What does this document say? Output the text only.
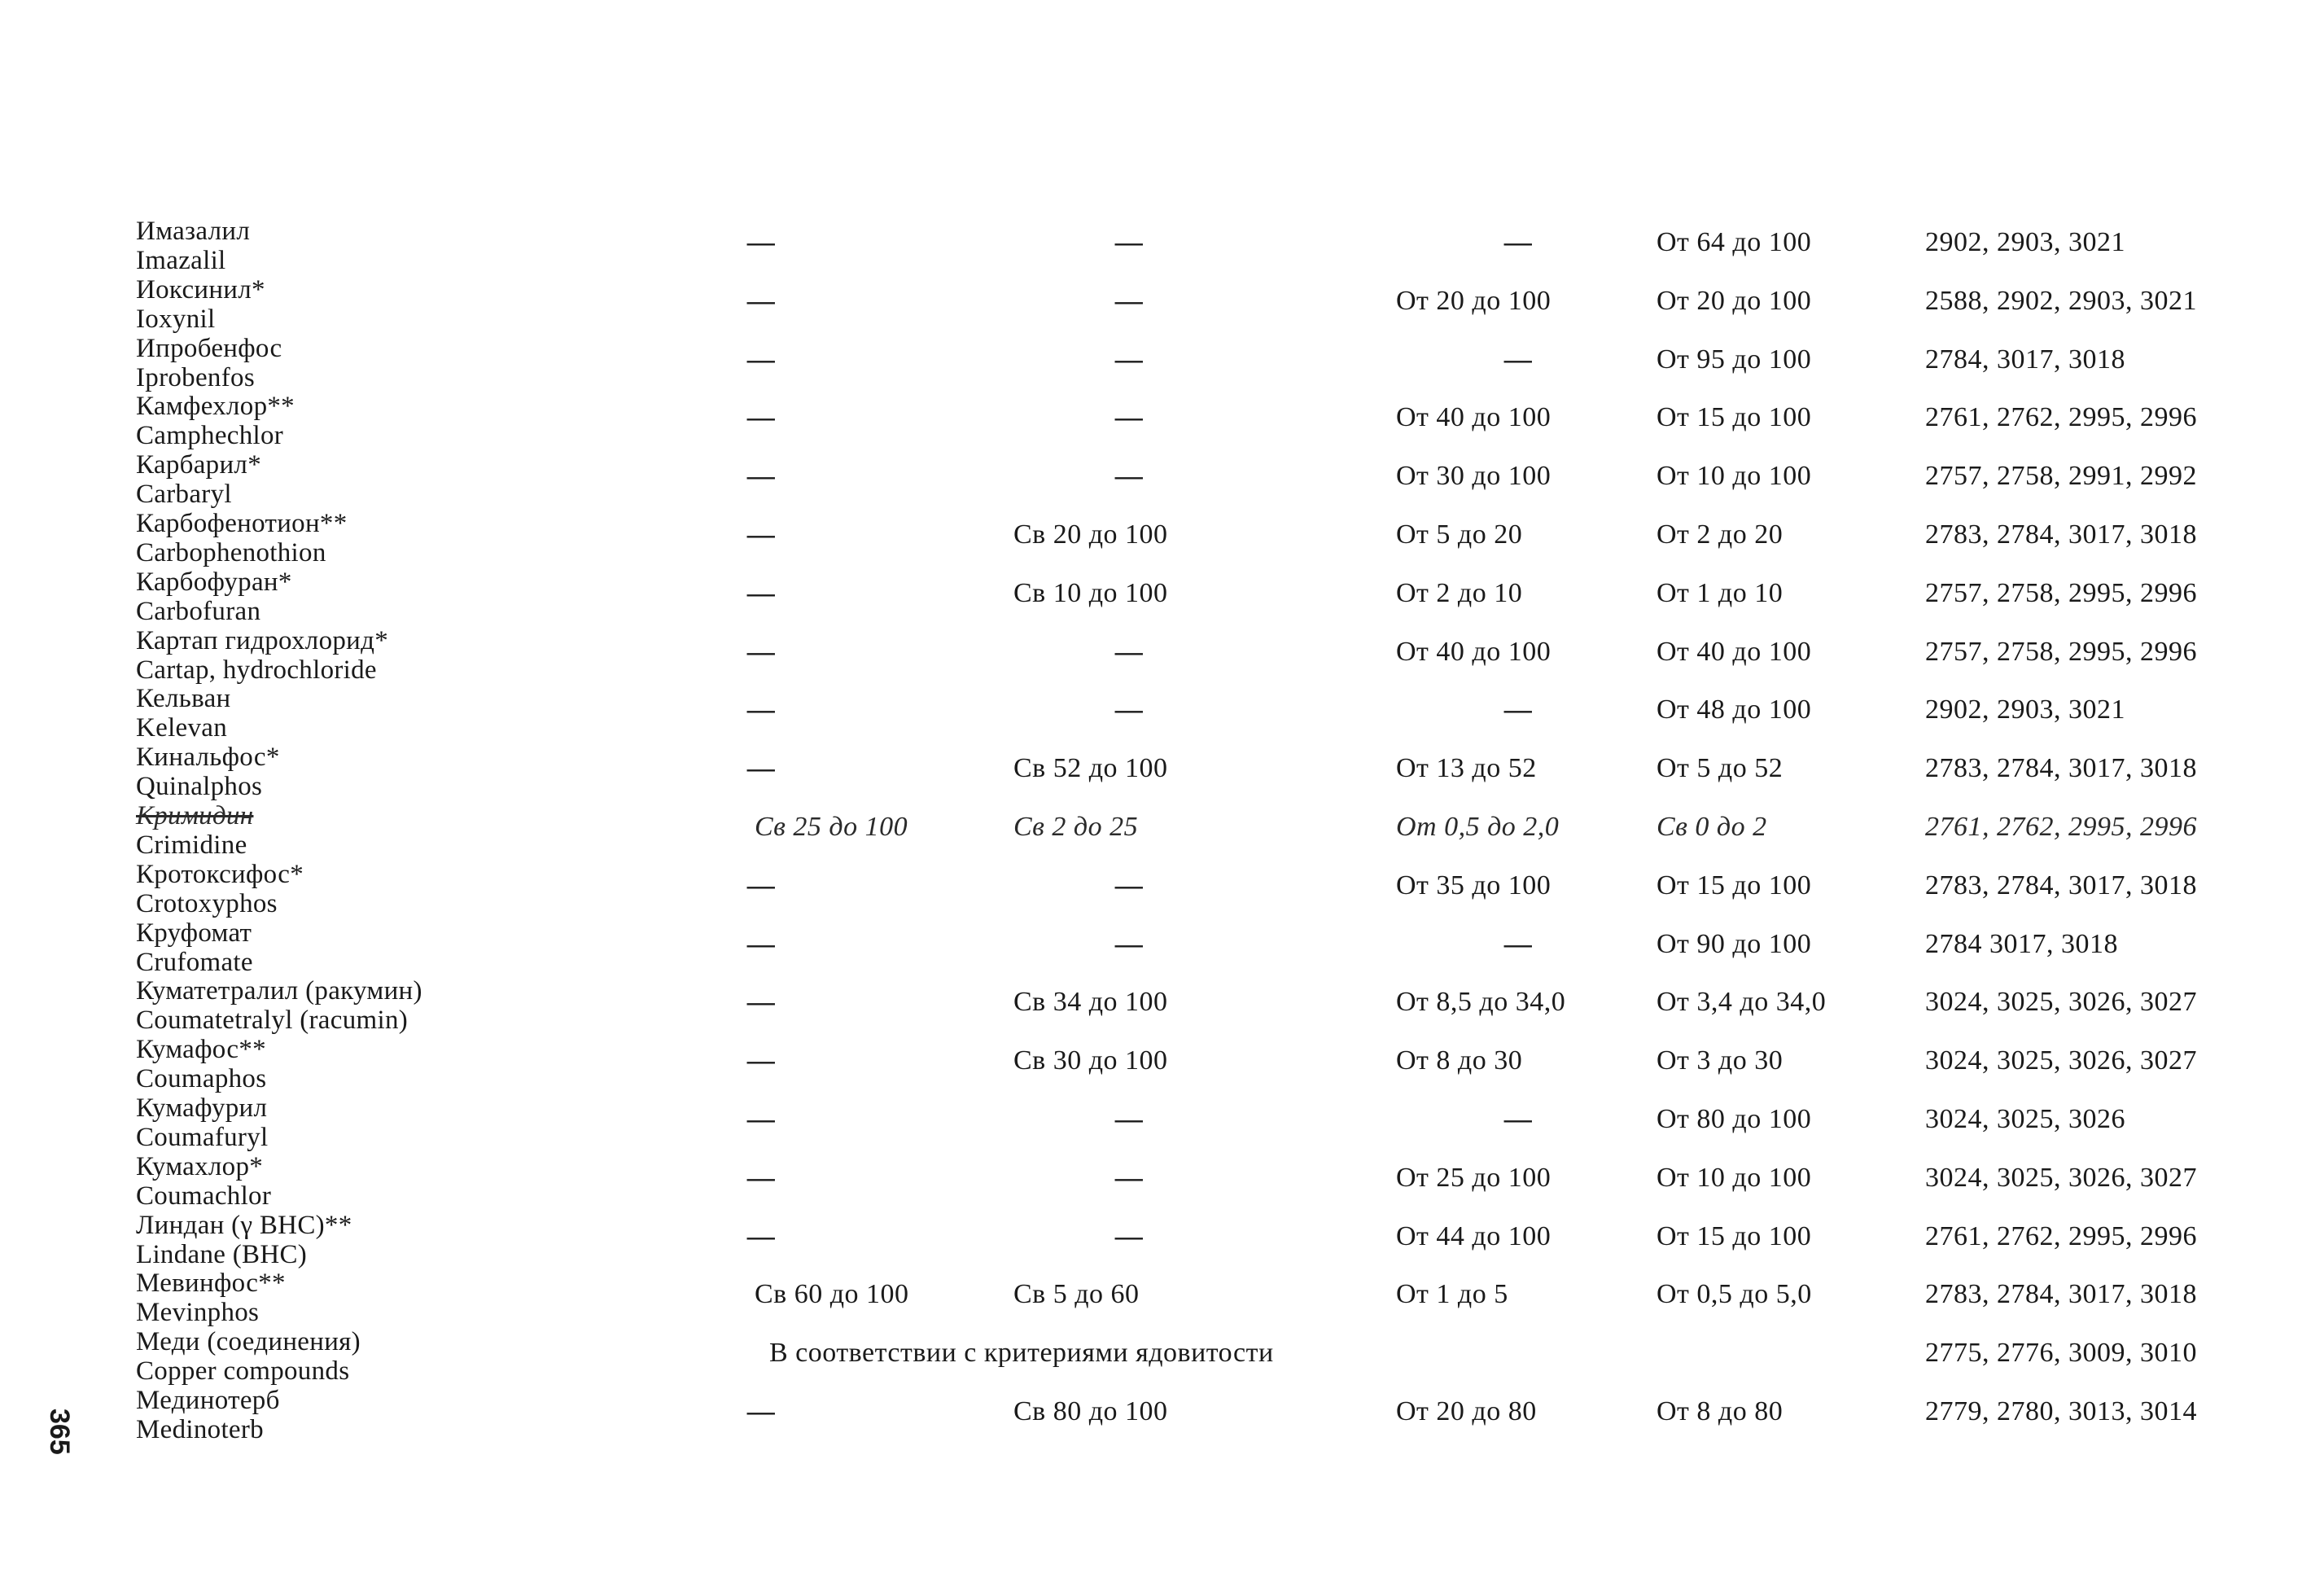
Имазалил
Imazalil
—	—	—	От 64 до 100	2902, 2903, 3021
Иоксинил*
Ioxynil
—	—	От 20 до 100	От 20 до 100	2588, 2902, 2903, 3021
Ипробенфос
Iprobenfos
—	—	—	От 95 до 100	2784, 3017, 3018
Камфехлор**
Camphechlor
—	—	От 40 до 100	От 15 до 100	2761, 2762, 2995, 2996
Карбарил*
Carbaryl
—	—	От 30 до 100	От 10 до 100	2757, 2758, 2991, 2992
Карбофенотион**
Carbophenothion
—	Св 20 до 100	От 5 до 20	От 2 до 20	2783, 2784, 3017, 3018
Карбофуран*
Carbofuran
—	Св 10 до 100	От 2 до 10	От 1 до 10	2757, 2758, 2995, 2996
Картап гидрохлорид*
Cartap, hydrochloride
—	—	От 40 до 100	От 40 до 100	2757, 2758, 2995, 2996
Кельван
Kelevan
—	—	—	От 48 до 100	2902, 2903, 3021
Кинальфос*
Quinalphos
—	Св 52 до 100	От 13 до 52	От 5 до 52	2783, 2784, 3017, 3018
Кримидин
Crimidine
Св 25 до 100	Св 2 до 25	От 0,5 до 2,0	Св 0 до 2	2761, 2762, 2995, 2996
Кротоксифос*
Crotoxyphos
—	—	От 35 до 100	От 15 до 100	2783, 2784, 3017, 3018
Круфомат
Crufomate
—	—	—	От 90 до 100	2784 3017, 3018
Куматетралил (ракумин)
Coumatetralyl (racumin)
—	Св 34 до 100	От 8,5 до 34,0	От 3,4 до 34,0	3024, 3025, 3026, 3027
Кумафос**
Coumaphos
—	Св 30 до 100	От 8 до 30	От 3 до 30	3024, 3025, 3026, 3027
Кумафурил
Coumafuryl
—	—	—	От 80 до 100	3024, 3025, 3026
Кумахлор*
Coumachlor
—	—	От 25 до 100	От 10 до 100	3024, 3025, 3026, 3027
Линдан (γ BHC)**
Lindane (BHC)
—	—	От 44 до 100	От 15 до 100	2761, 2762, 2995, 2996
Мевинфос**
Mevinphos
Св 60 до 100	Св 5 до 60	От 1 до 5	От 0,5 до 5,0	2783, 2784, 3017, 3018
Меди (соединения)
Copper compounds
В соответствии с критериями ядовитости	2775, 2776, 3009, 3010
Мединотерб
Medinoterb
—	Св 80 до 100	От 20 до 80	От 8 до 80	2779, 2780, 3013, 3014
365
